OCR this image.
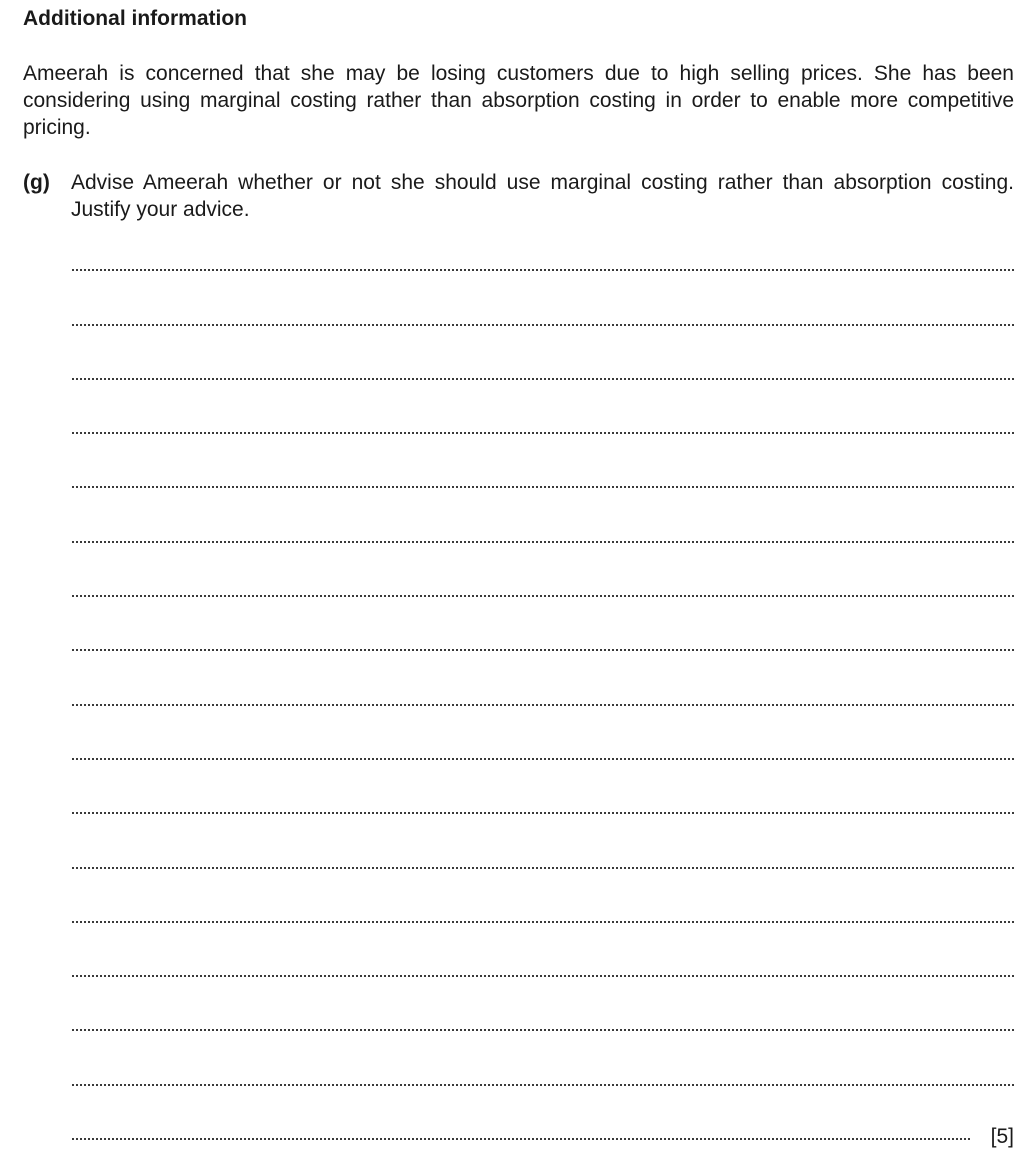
Additional information

Ameerah is concerned that she may be losing customers due to high selling prices. She has been considering using marginal costing rather than absorption costing in order to enable more competitive pricing.

(g) Advise Ameerah whether or not she should use marginal costing rather than absorption costing. Justify your advice.
[5]
